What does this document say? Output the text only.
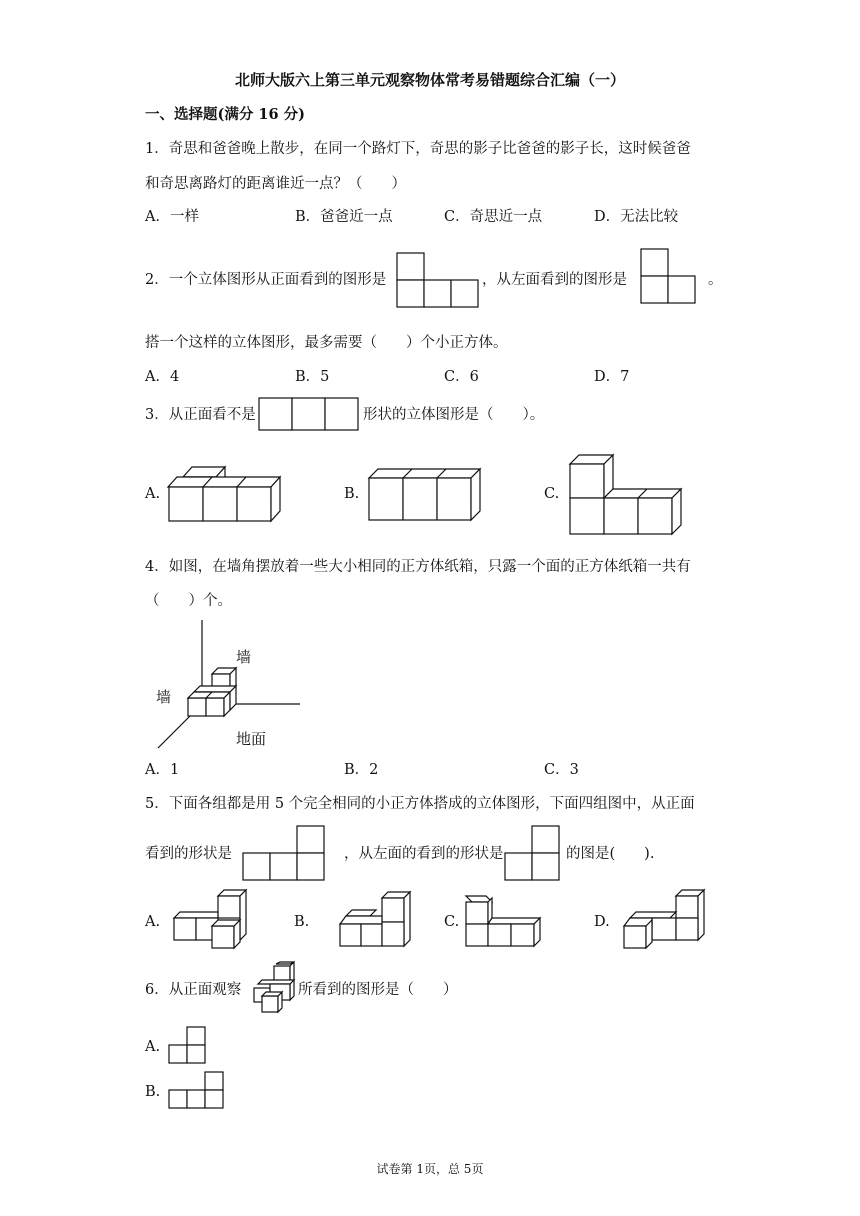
北师大版六上第三单元观察物体常考易错题综合汇编（一）
一、选择题(满分 16 分)
1．奇思和爸爸晚上散步，在同一个路灯下，奇思的影子比爸爸的影子长，这时候爸爸
和奇思离路灯的距离谁近一点？（　　）
A．一样	B．爸爸近一点	C．奇思近一点	D．无法比较
2．一个立体图形从正面看到的图形是	，从左面看到的图形是	。
搭一个这样的立体图形，最多需要（　　）个小正方体。
A．4	B．5	C．6	D．7
3．从正面看不是	形状的立体图形是（　　）。
A.	B.	C.
4．如图，在墙角摆放着一些大小相同的正方体纸箱，只露一个面的正方体纸箱一共有
（　　）个。
墙
墙
地面
A．1	B．2	C．3
5．下面各组都是用 5 个完全相同的小正方体搭成的立体图形，下面四组图中，从正面
看到的形状是	，从左面的看到的形状是	的图是(　　).
A.	B.	C.	D.
6．从正面观察	所看到的图形是（　　）
A.
B.
试卷第 1页，总 5页
